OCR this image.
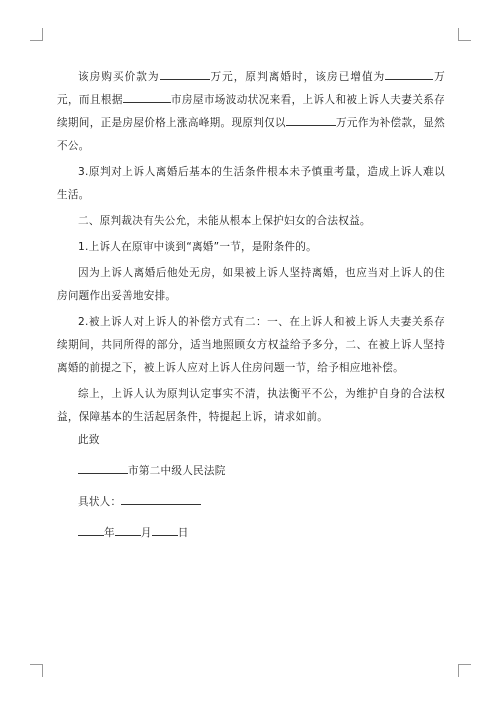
该房购买价款为	万元，原判离婚时，该房已增值为	万元，而且根据	市房屋市场波动状况来看，上诉人和被上诉人夫妻关系存续期间，正是房屋价格上涨高峰期。现原判仅以	万元作为补偿款，显然不公。

3.原判对上诉人离婚后基本的生活条件根本未予慎重考量，造成上诉人难以生活。

二、原判裁决有失公允，未能从根本上保护妇女的合法权益。

1.上诉人在原审中谈到“离婚”一节，是附条件的。

因为上诉人离婚后他处无房，如果被上诉人坚持离婚，也应当对上诉人的住房问题作出妥善地安排。

2.被上诉人对上诉人的补偿方式有二：一、在上诉人和被上诉人夫妻关系存续期间，共同所得的部分，适当地照顾女方权益给予多分，二、在被上诉人坚持离婚的前提之下，被上诉人应对上诉人住房问题一节，给予相应地补偿。

综上，上诉人认为原判认定事实不清，执法衡平不公，为维护自身的合法权益，保障基本的生活起居条件，特提起上诉，请求如前。

此致

市第二中级人民法院

具状人：

年 月 日
